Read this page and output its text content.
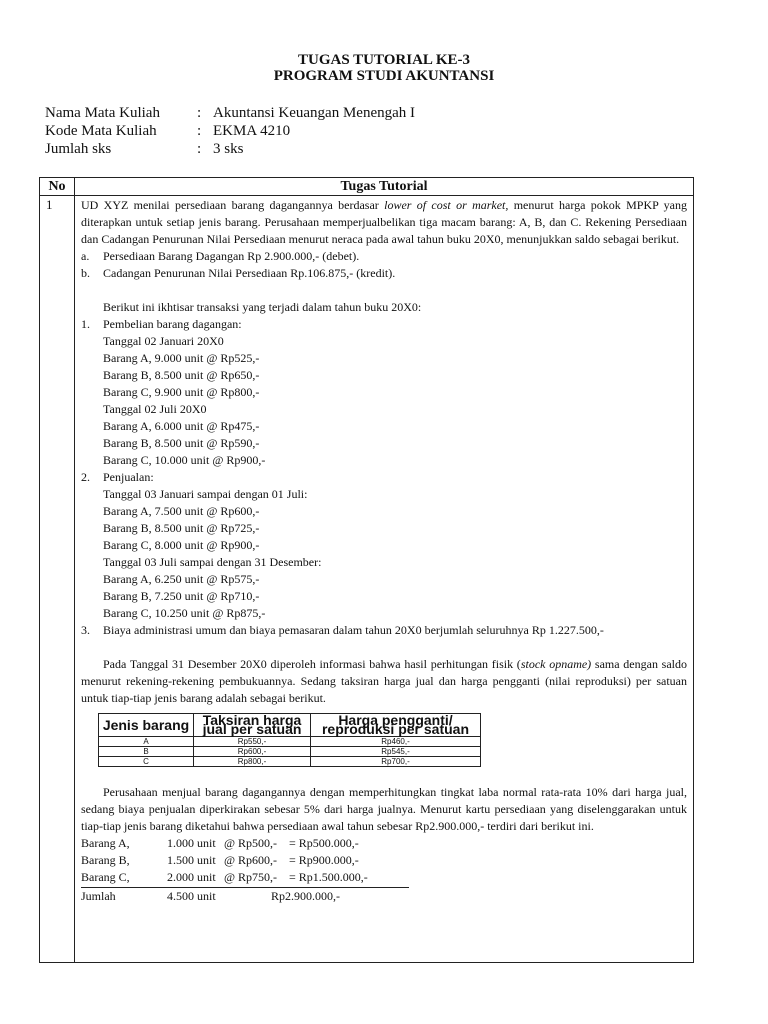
TUGAS TUTORIAL KE-3
PROGRAM STUDI AKUNTANSI
Nama Mata Kuliah : Akuntansi Keuangan Menengah I
Kode Mata Kuliah	: EKMA 4210
Jumlah sks	: 3 sks
No	Tugas Tutorial
1	UD XYZ menilai persediaan barang dagangannya berdasar lower of cost or market, menurut harga pokok MPKP yang diterapkan untuk setiap jenis barang. Perusahaan memperjualbelikan tiga macam barang: A, B, dan C. Rekening Persediaan dan Cadangan Penurunan Nilai Persediaan menurut neraca pada awal tahun buku 20X0, menunjukkan saldo sebagai berikut.

a. Persediaan Barang Dagangan Rp 2.900.000,- (debet).
b. Cadangan Penurunan Nilai Persediaan Rp.106.875,- (kredit).

Berikut ini ikhtisar transaksi yang terjadi dalam tahun buku 20X0:

1. Pembelian barang dagangan:
Tanggal 02 Januari 20X0
Barang A, 9.000 unit @ Rp525,-
Barang B, 8.500 unit @ Rp650,-
Barang C, 9.900 unit @ Rp800,-
Tanggal 02 Juli 20X0
Barang A, 6.000 unit @ Rp475,-
Barang B, 8.500 unit @ Rp590,-
Barang C, 10.000 unit @ Rp900,-
2. Penjualan:
Tanggal 03 Januari sampai dengan 01 Juli:
Barang A, 7.500 unit @ Rp600,-
Barang B, 8.500 unit @ Rp725,-
Barang C, 8.000 unit @ Rp900,-
Tanggal 03 Juli sampai dengan 31 Desember:
Barang A, 6.250 unit @ Rp575,-
Barang B, 7.250 unit @ Rp710,-
Barang C, 10.250 unit @ Rp875,-
3. Biaya administrasi umum dan biaya pemasaran dalam tahun 20X0 berjumlah seluruhnya Rp 1.227.500,-

Pada Tanggal 31 Desember 20X0 diperoleh informasi bahwa hasil perhitungan fisik (stock opname) sama dengan saldo menurut rekening-rekening pembukuannya. Sedang taksiran harga jual dan harga pengganti (nilai reproduksi) per satuan untuk tiap-tiap jenis barang adalah sebagai berikut.

Jenis barang	Taksiran harga jual per satuan	Harga pengganti/ reproduksi per satuan
A	Rp550,-	Rp460,-
B	Rp600,-	Rp545,-
C	Rp800,-	Rp700,-

Perusahaan menjual barang dagangannya dengan memperhitungkan tingkat laba normal rata-rata 10% dari harga jual, sedang biaya penjualan diperkirakan sebesar 5% dari harga jualnya. Menurut kartu persediaan yang diselenggarakan untuk tiap-tiap jenis barang diketahui bahwa persediaan awal tahun sebesar Rp2.900.000,- terdiri dari berikut ini.

Barang A,	1.000 unit @ Rp500,- = Rp500.000,-
Barang B,	1.500 unit @ Rp600,- = Rp900.000,-
Barang C,	2.000 unit @ Rp750,- = Rp1.500.000,-
Jumlah	4.500 unit	Rp2.900.000,-
